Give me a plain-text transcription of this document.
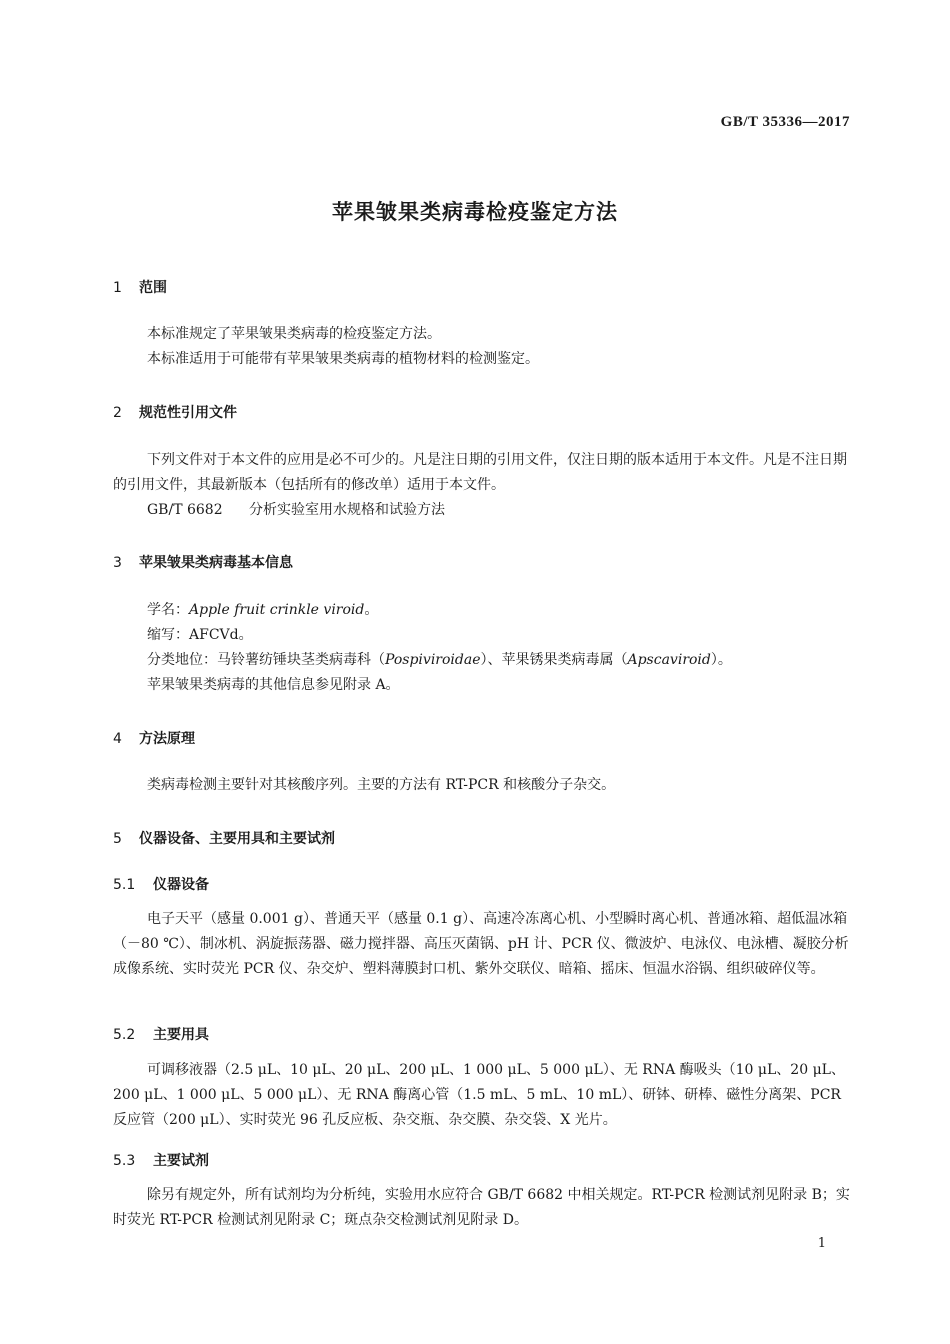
GB/T 35336—2017
苹果皱果类病毒检疫鉴定方法
1 范围
本标准规定了苹果皱果类病毒的检疫鉴定方法。
本标准适用于可能带有苹果皱果类病毒的植物材料的检测鉴定。
2 规范性引用文件
下列文件对于本文件的应用是必不可少的。凡是注日期的引用文件，仅注日期的版本适用于本文件。凡是不注日期的引用文件，其最新版本（包括所有的修改单）适用于本文件。
GB/T 6682 分析实验室用水规格和试验方法
3 苹果皱果类病毒基本信息
学名：Apple fruit crinkle viroid。
缩写：AFCVd。
分类地位：马铃薯纺锤块茎类病毒科（Pospiviroidae）、苹果锈果类病毒属（Apscaviroid）。
苹果皱果类病毒的其他信息参见附录 A。
4 方法原理
类病毒检测主要针对其核酸序列。主要的方法有 RT-PCR 和核酸分子杂交。
5 仪器设备、主要用具和主要试剂
5.1 仪器设备
电子天平（感量 0.001 g）、普通天平（感量 0.1 g）、高速冷冻离心机、小型瞬时离心机、普通冰箱、超低温冰箱（－80 ℃）、制冰机、涡旋振荡器、磁力搅拌器、高压灭菌锅、pH 计、PCR 仪、微波炉、电泳仪、电泳槽、凝胶分析成像系统、实时荧光 PCR 仪、杂交炉、塑料薄膜封口机、紫外交联仪、暗箱、摇床、恒温水浴锅、组织破碎仪等。
5.2 主要用具
可调移液器（2.5 μL、10 μL、20 μL、200 μL、1 000 μL、5 000 μL）、无 RNA 酶吸头（10 μL、20 μL、200 μL、1 000 μL、5 000 μL）、无 RNA 酶离心管（1.5 mL、5 mL、10 mL）、研钵、研棒、磁性分离架、PCR 反应管（200 μL）、实时荧光 96 孔反应板、杂交瓶、杂交膜、杂交袋、X 光片。
5.3 主要试剂
除另有规定外，所有试剂均为分析纯，实验用水应符合 GB/T 6682 中相关规定。RT-PCR 检测试剂见附录 B；实时荧光 RT-PCR 检测试剂见附录 C；斑点杂交检测试剂见附录 D。
1
